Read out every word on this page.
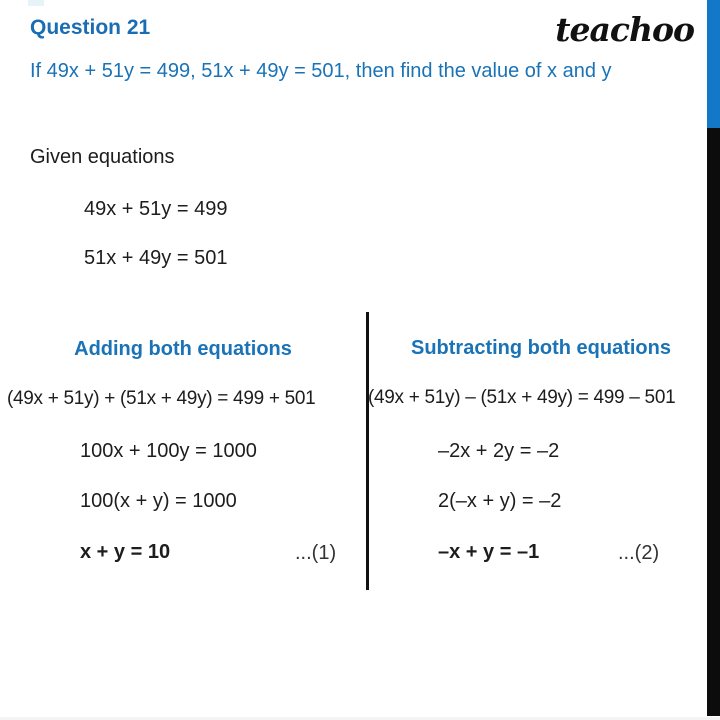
Question 21	teachoo
If 49x + 51y = 499, 51x + 49y = 501, then find the value of x and y
Given equations
49x + 51y = 499
51x + 49y = 501
Adding both equations
(49x + 51y) + (51x + 49y) = 499 + 501
100x + 100y = 1000
100(x + y) = 1000
x + y = 10	...(1)
Subtracting both equations
(49x + 51y) – (51x + 49y) = 499 – 501
–2x + 2y = –2
2(–x + y) = –2
–x + y = –1	...(2)
